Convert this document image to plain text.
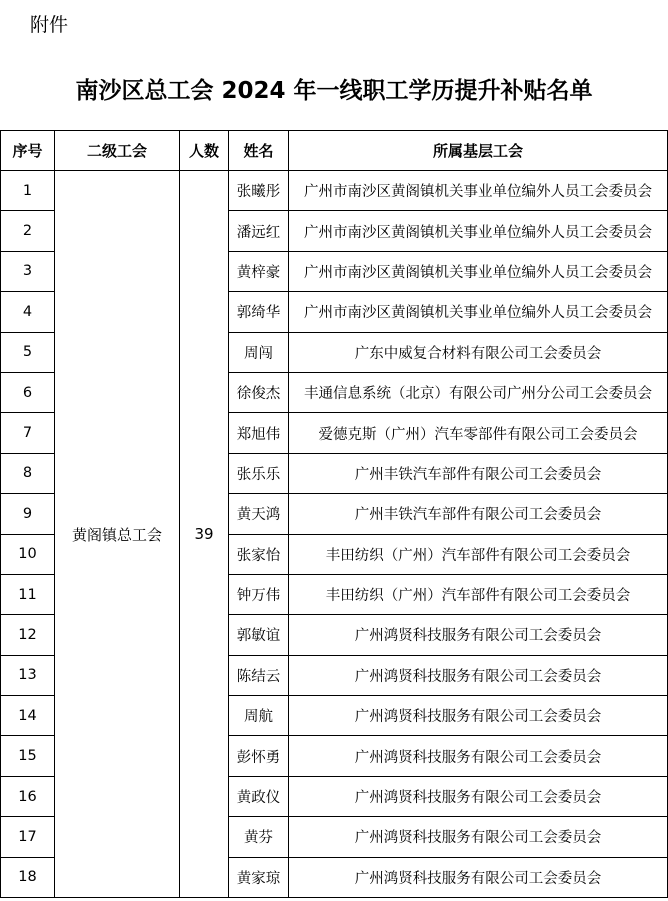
附件
南沙区总工会 2024 年一线职工学历提升补贴名单
序号	二级工会	人数	姓名	所属基层工会
1	黄阁镇总工会	39	张曦彤	广州市南沙区黄阁镇机关事业单位编外人员工会委员会
2			潘远红	广州市南沙区黄阁镇机关事业单位编外人员工会委员会
3			黄梓豪	广州市南沙区黄阁镇机关事业单位编外人员工会委员会
4			郭绮华	广州市南沙区黄阁镇机关事业单位编外人员工会委员会
5			周闯	广东中威复合材料有限公司工会委员会
6			徐俊杰	丰通信息系统（北京）有限公司广州分公司工会委员会
7			郑旭伟	爱德克斯（广州）汽车零部件有限公司工会委员会
8			张乐乐	广州丰铁汽车部件有限公司工会委员会
9			黄天鸿	广州丰铁汽车部件有限公司工会委员会
10			张家怡	丰田纺织（广州）汽车部件有限公司工会委员会
11			钟万伟	丰田纺织（广州）汽车部件有限公司工会委员会
12			郭敏谊	广州鸿贤科技服务有限公司工会委员会
13			陈结云	广州鸿贤科技服务有限公司工会委员会
14			周航	广州鸿贤科技服务有限公司工会委员会
15			彭怀勇	广州鸿贤科技服务有限公司工会委员会
16			黄政仪	广州鸿贤科技服务有限公司工会委员会
17			黄芬	广州鸿贤科技服务有限公司工会委员会
18			黄家琼	广州鸿贤科技服务有限公司工会委员会
